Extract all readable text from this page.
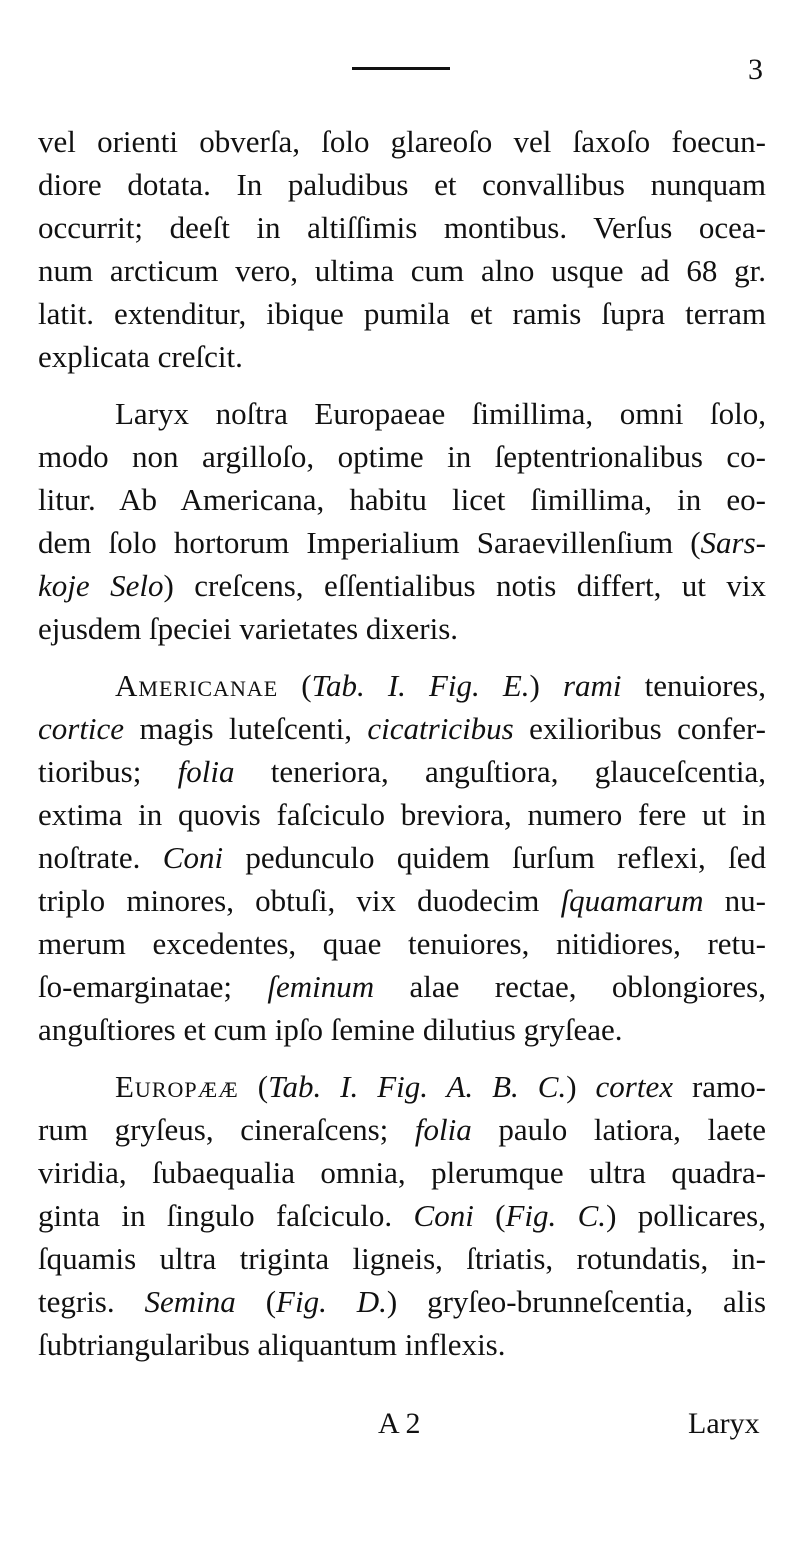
3
vel orienti obverſa, ſolo glareoſo vel ſaxoſo foecun-
diore dotata. In paludibus et convallibus nunquam
occurrit; deeſt in altiſſimis montibus. Verſus ocea-
num arcticum vero, ultima cum alno usque ad 68 gr.
latit. extenditur, ibique pumila et ramis ſupra terram
explicata creſcit.
Laryx noſtra Europaeae ſimillima, omni ſolo,
modo non argilloſo, optime in ſeptentrionalibus co-
litur. Ab Americana, habitu licet ſimillima, in eo-
dem ſolo hortorum Imperialium Saraevillenſium (Sars-
koje Selo) creſcens, eſſentialibus notis differt, ut vix
ejusdem ſpeciei varietates dixeris.
Americanae (Tab. I. Fig. E.) rami tenuiores,
cortice magis luteſcenti, cicatricibus exilioribus confer-
tioribus; folia teneriora, anguſtiora, glauceſcentia,
extima in quovis faſciculo breviora, numero fere ut in
noſtrate. Coni pedunculo quidem ſurſum reflexi, ſed
triplo minores, obtuſi, vix duodecim ſquamarum nu-
merum excedentes, quae tenuiores, nitidiores, retu-
ſo-emarginatae; ſeminum alae rectae, oblongiores,
anguſtiores et cum ipſo ſemine dilutius gryſeae.
Europææ (Tab. I. Fig. A. B. C.) cortex ramo-
rum gryſeus, cineraſcens; folia paulo latiora, laete
viridia, ſubaequalia omnia, plerumque ultra quadra-
ginta in ſingulo faſciculo. Coni (Fig. C.) pollicares,
ſquamis ultra triginta ligneis, ſtriatis, rotundatis, in-
tegris. Semina (Fig. D.) gryſeo-brunneſcentia, alis
ſubtriangularibus aliquantum inflexis.
A 2	Laryx
